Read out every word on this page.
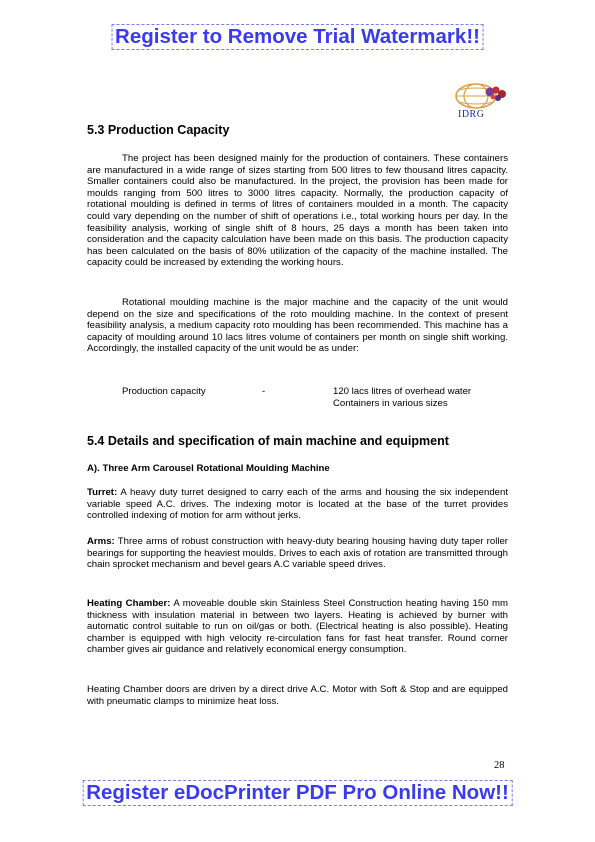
Register to Remove Trial Watermark!!
IDRG
5.3 Production Capacity

The project has been designed mainly for the production of containers. These containers are manufactured in a wide range of sizes starting from 500 litres to few thousand litres capacity. Smaller containers could also be manufactured. In the project, the provision has been made for moulds ranging from 500 litres to 3000 litres capacity. Normally, the production capacity of rotational moulding is defined in terms of litres of containers moulded in a month. The capacity could vary depending on the number of shift of operations i.e., total working hours per day. In the feasibility analysis, working of single shift of 8 hours, 25 days a month has been taken into consideration and the capacity calculation have been made on this basis. The production capacity has been calculated on the basis of 80% utilization of the capacity of the machine installed. The capacity could be increased by extending the working hours.

Rotational moulding machine is the major machine and the capacity of the unit would depend on the size and specifications of the roto moulding machine. In the context of present feasibility analysis, a medium capacity roto moulding has been recommended. This machine has a capacity of moulding around 10 lacs litres volume of containers per month on single shift working. Accordingly, the installed capacity of the unit would be as under:

Production capacity	-	120 lacs litres of overhead water
Containers in various sizes
5.4 Details and specification of main machine and equipment
A). Three Arm Carousel Rotational Moulding Machine

Turret: A heavy duty turret designed to carry each of the arms and housing the six independent variable speed A.C. drives. The indexing motor is located at the base of the turret provides controlled indexing of motion for arm without jerks.

Arms: Three arms of robust construction with heavy-duty bearing housing having duty taper roller bearings for supporting the heaviest moulds. Drives to each axis of rotation are transmitted through chain sprocket mechanism and bevel gears A.C variable speed drives.

Heating Chamber: A moveable double skin Stainless Steel Construction heating having 150 mm thickness with insulation material in between two layers. Heating is achieved by burner with automatic control suitable to run on oil/gas or both. (Electrical heating is also possible). Heating chamber is equipped with high velocity re-circulation fans for fast heat transfer. Round corner chamber gives air guidance and relatively economical energy consumption.

Heating Chamber doors are driven by a direct drive A.C. Motor with Soft & Stop and are equipped with pneumatic clamps to minimize heat loss.

28
Register eDocPrinter PDF Pro Online Now!!
